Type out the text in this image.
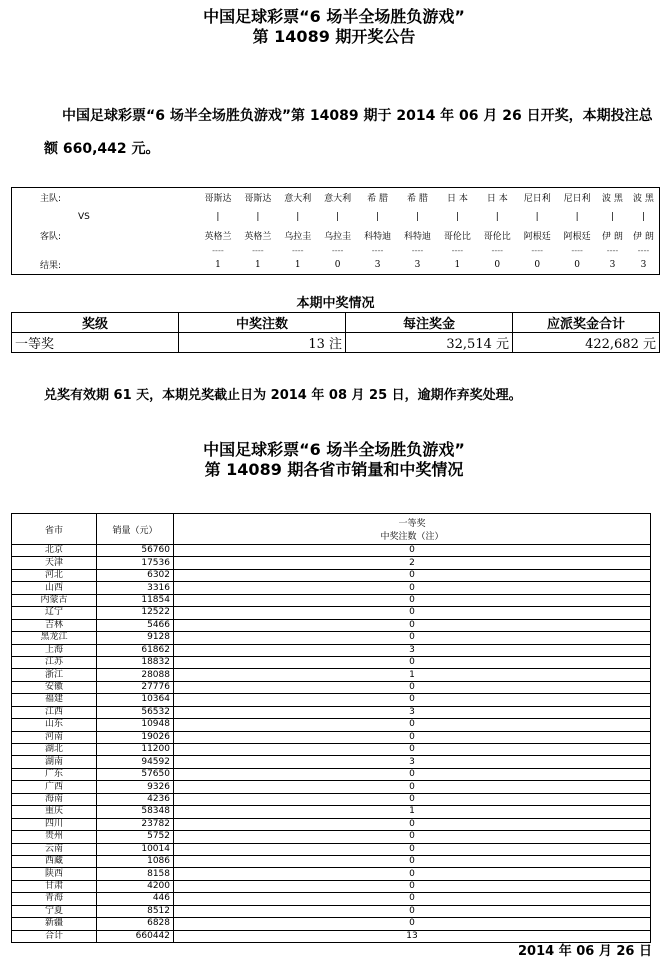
中国足球彩票“6 场半全场胜负游戏”
第 14089 期开奖公告
中国足球彩票“6 场半全场胜负游戏”第 14089 期于 2014 年 06 月 26 日开奖，本期投注总
额 660,442 元。
主队:	哥斯达	哥斯达	意大利	意大利	希 腊	希 腊	日 本	日 本	尼日利	尼日利	波 黑	波 黑
VS	|	|	|	|	|	|	|	|	|	|	|	|
客队:	英格兰	英格兰	乌拉圭	乌拉圭	科特迪	科特迪	哥伦比	哥伦比	阿根廷	阿根廷	伊 朗	伊 朗
	----	----	----	----	----	----	----	----	----	----	----	----
结果:	1	1	1	0	3	3	1	0	0	0	3	3
本期中奖情况
奖级	中奖注数	每注奖金	应派奖金合计
一等奖	13 注	32,514 元	422,682 元
兑奖有效期 61 天，本期兑奖截止日为 2014 年 08 月 25 日，逾期作弃奖处理。
中国足球彩票“6 场半全场胜负游戏”
第 14089 期各省市销量和中奖情况
省市	销量（元）	一等奖
中奖注数（注）

北京	56760	0
天津	17536	2
河北	6302	0
山西	3316	0
内蒙古	11854	0
辽宁	12522	0
吉林	5466	0
黑龙江	9128	0
上海	61862	3
江苏	18832	0
浙江	28088	1
安徽	27776	0
福建	10364	0
江西	56532	3
山东	10948	0
河南	19026	0
湖北	11200	0
湖南	94592	3
广东	57650	0
广西	9326	0
海南	4236	0
重庆	58348	1
四川	23782	0
贵州	5752	0
云南	10014	0
西藏	1086	0
陕西	8158	0
甘肃	4200	0
青海	446	0
宁夏	8512	0
新疆	6828	0
合计	660442	13
2014 年 06 月 26 日
